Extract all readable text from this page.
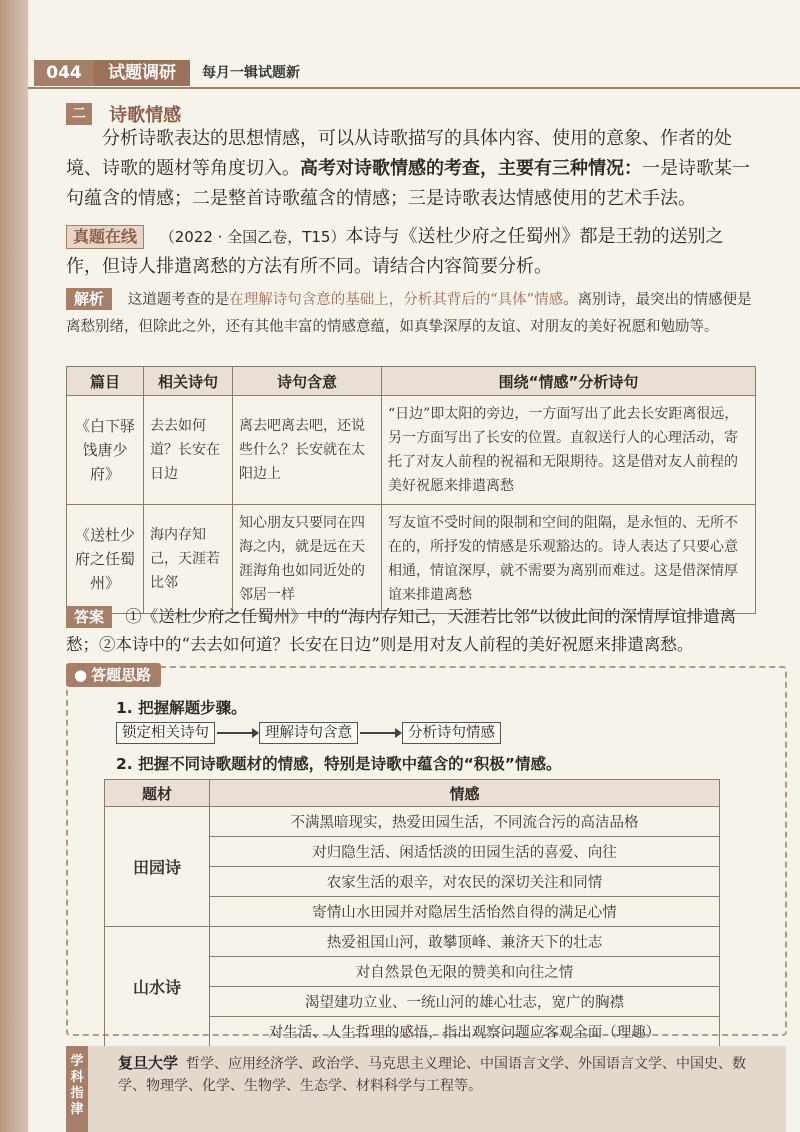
044	试题调研	每月一辑试题新
二 诗歌情感
分析诗歌表达的思想情感，可以从诗歌描写的具体内容、使用的意象、作者的处境、诗歌的题材等角度切入。高考对诗歌情感的考查，主要有三种情况：一是诗歌某一句蕴含的情感；二是整首诗歌蕴含的情感；三是诗歌表达情感使用的艺术手法。
真题在线 （2022 · 全国乙卷，T15）本诗与《送杜少府之任蜀州》都是王勃的送别之作，但诗人排遣离愁的方法有所不同。请结合内容简要分析。
解析 这道题考查的是在理解诗句含意的基础上，分析其背后的“具体”情感。离别诗，最突出的情感便是离愁别绪，但除此之外，还有其他丰富的情感意蕴，如真挚深厚的友谊、对朋友的美好祝愿和勉励等。
篇目	相关诗句	诗句含意	围绕“情感”分析诗句
《白下驿饯唐少府》	去去如何道？长安在日边	离去吧离去吧，还说些什么？长安就在太阳边上	“日边”即太阳的旁边，一方面写出了此去长安距离很远，另一方面写出了长安的位置。直叙送行人的心理活动，寄托了对友人前程的祝福和无限期待。这是借对友人前程的美好祝愿来排遣离愁
《送杜少府之任蜀州》	海内存知己，天涯若比邻	知心朋友只要同在四海之内，就是远在天涯海角也如同近处的邻居一样	写友谊不受时间的限制和空间的阻隔，是永恒的、无所不在的，所抒发的情感是乐观豁达的。诗人表达了只要心意相通，情谊深厚，就不需要为离别而难过。这是借深情厚谊来排遣离愁
答案 ①《送杜少府之任蜀州》中的“海内存知己，天涯若比邻”以彼此间的深情厚谊排遣离愁；②本诗中的“去去如何道？长安在日边”则是用对友人前程的美好祝愿来排遣离愁。
● 答题思路
1. 把握解题步骤。
锁定相关诗句	理解诗句含意	分析诗句情感
2. 把握不同诗歌题材的情感，特别是诗歌中蕴含的“积极”情感。
题材	情感
田园诗	不满黑暗现实，热爱田园生活，不同流合污的高洁品格
	对归隐生活、闲适恬淡的田园生活的喜爱、向往
	农家生活的艰辛，对农民的深切关注和同情
	寄情山水田园并对隐居生活怡然自得的满足心情
山水诗	热爱祖国山河，敢攀顶峰、兼济天下的壮志
	对自然景色无限的赞美和向往之情
	渴望建功立业、一统山河的雄心壮志，宽广的胸襟
	对生活、人生哲理的感悟，指出观察问题应客观全面（理趣）
学科指津
复旦大学 哲学、应用经济学、政治学、马克思主义理论、中国语言文学、外国语言文学、中国史、数学、物理学、化学、生物学、生态学、材料科学与工程等。
